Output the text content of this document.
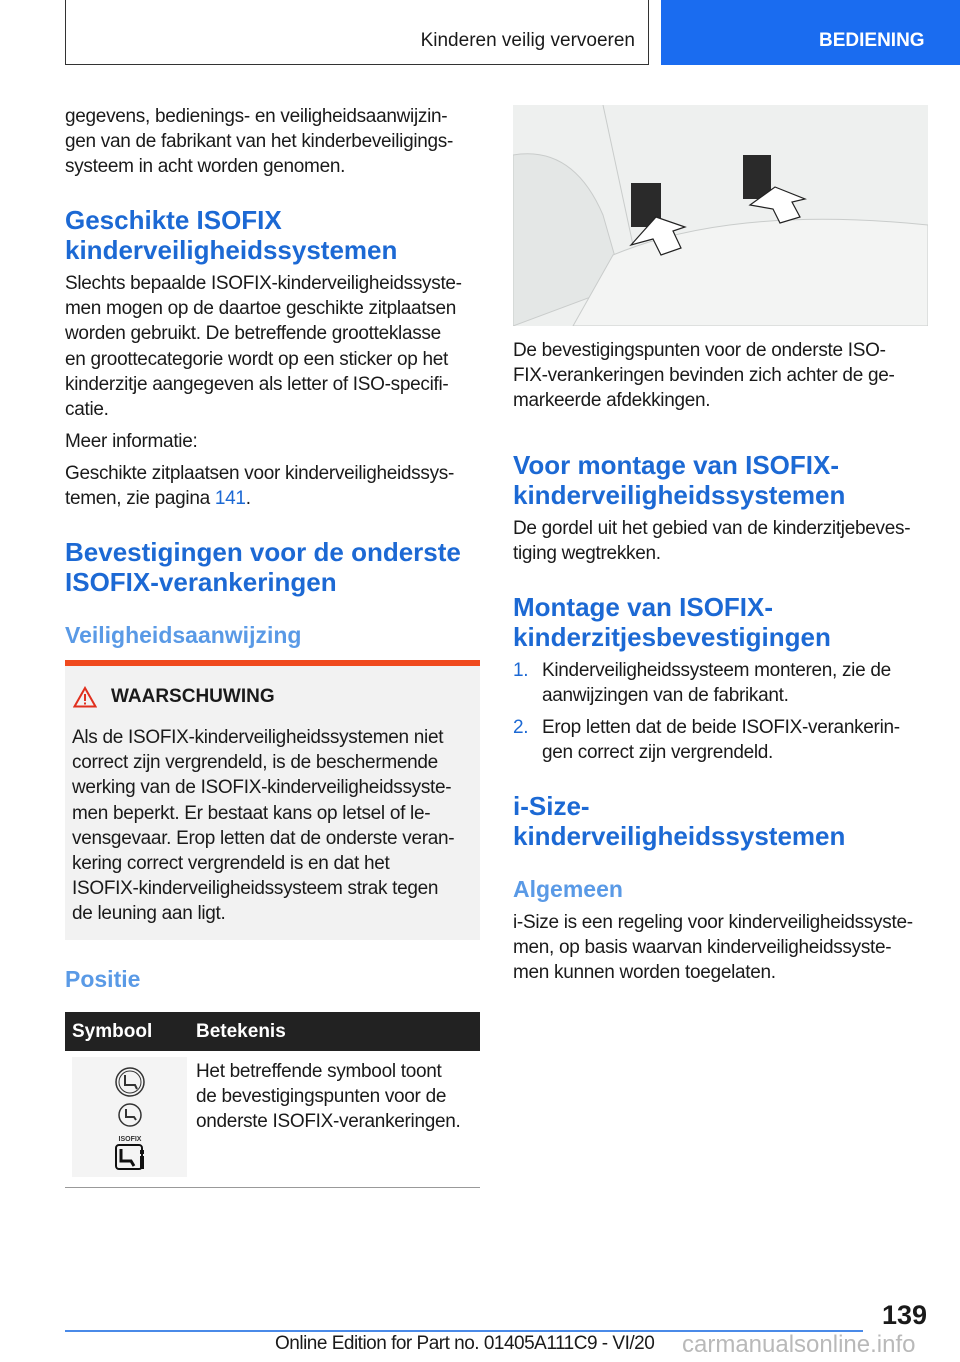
Kinderen veilig vervoeren	BEDIENING
gegevens, bedienings- en veiligheidsaanwijzin-
gen van de fabrikant van het kinderbeveiligings-
systeem in acht worden genomen.
Geschikte ISOFIX
kinderveiligheidssystemen
Slechts bepaalde ISOFIX-kinderveiligheidssyste-
men mogen op de daartoe geschikte zitplaatsen
worden gebruikt. De betreffende grootteklasse
en groottecategorie wordt op een sticker op het
kinderzitje aangegeven als letter of ISO-specifi-
catie.
Meer informatie:
Geschikte zitplaatsen voor kinderveiligheidssys-
temen, zie pagina 141.
Bevestigingen voor de onderste
ISOFIX-verankeringen
Veiligheidsaanwijzing
WAARSCHUWING
Als de ISOFIX-kinderveiligheidssystemen niet
correct zijn vergrendeld, is de beschermende
werking van de ISOFIX-kinderveiligheidssyste-
men beperkt. Er bestaat kans op letsel of le-
vensgevaar. Erop letten dat de onderste veran-
kering correct vergrendeld is en dat het
ISOFIX-kinderveiligheidssysteem strak tegen
de leuning aan ligt.
Positie
Symbool Betekenis
ISOFIX
Het betreffende symbool toont
de bevestigingspunten voor de
onderste ISOFIX-verankeringen.
De bevestigingspunten voor de onderste ISO-
FIX-verankeringen bevinden zich achter de ge-
markeerde afdekkingen.
Voor montage van ISOFIX-
kinderveiligheidssystemen
De gordel uit het gebied van de kinderzitjebeves-
tiging wegtrekken.
Montage van ISOFIX-
kinderzitjesbevestigingen
1. Kinderveiligheidssysteem monteren, zie de
aanwijzingen van de fabrikant.
2. Erop letten dat de beide ISOFIX-verankerin-
gen correct zijn vergrendeld.
i-Size-
kinderveiligheidssystemen
Algemeen
i-Size is een regeling voor kinderveiligheidssyste-
men, op basis waarvan kinderveiligheidssyste-
men kunnen worden toegelaten.
139
Online Edition for Part no. 01405A111C9 - VI/20 carmanualsonline.info
